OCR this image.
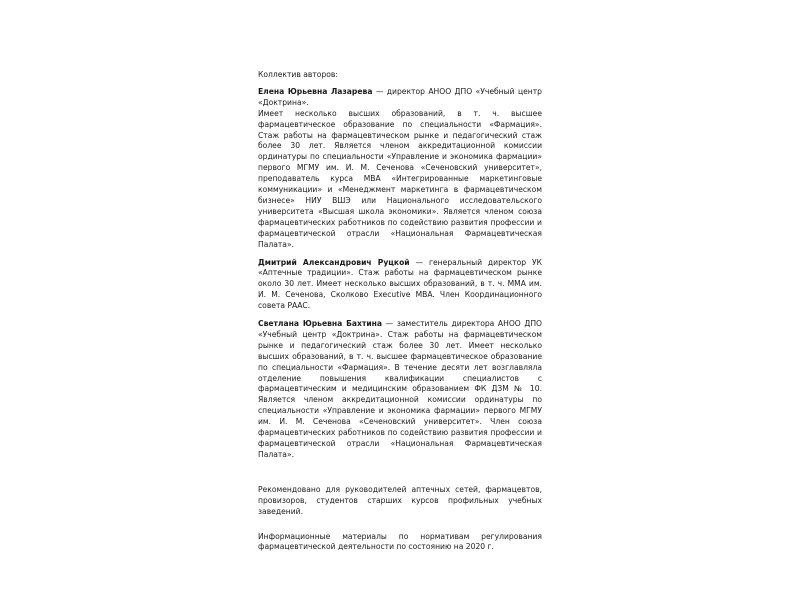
Коллектив авторов:

Елена Юрьевна Лазарева — директор АНОО ДПО «Учебный центр «Доктрина».
Имеет несколько высших образований, в т. ч. высшее фармацевтическое образование по специальности «Фармация». Стаж работы на фармацевтическом рынке и педагогический стаж более 30 лет. Является членом аккредитационной комиссии ординатуры по специальности «Управление и экономика фармации» первого МГМУ им. И. М. Сеченова «Сеченовский университет», преподаватель курса MBA «Интегрированные маркетинговые коммуникации» и «Менеджмент маркетинга в фармацевтическом бизнесе» НИУ ВШЭ или Национального исследовательского университета «Высшая школа экономики». Является членом союза фармацевтических работников по содействию развития профессии и фармацевтической отрасли «Национальная Фармацевтическая Палата».

Дмитрий Александрович Руцкой — генеральный директор УК «Аптечные традиции». Стаж работы на фармацевтическом рынке около 30 лет. Имеет несколько высших образований, в т. ч. ММА им. И. М. Сеченова, Сколково Executive MBA. Член Координационного совета РААС.

Светлана Юрьевна Бахтина — заместитель директора АНОО ДПО «Учебный центр «Доктрина». Стаж работы на фармацевтическом рынке и педагогический стаж более 30 лет. Имеет несколько высших образований, в т. ч. высшее фармацевтическое образование по специальности «Фармация». В течение десяти лет возглавляла отделение повышения квалификации специалистов с фармацевтическим и медицинским образованием ФК ДЗМ № 10. Является членом аккредитационной комиссии ординатуры по специальности «Управление и экономика фармации» первого МГМУ им. И. М. Сеченова «Сеченовский университет». Член союза фармацевтических работников по содействию развития профессии и фармацевтической отрасли «Национальная Фармацевтическая Палата».

Рекомендовано для руководителей аптечных сетей, фармацевтов, провизоров, студентов старших курсов профильных учебных заведений.

Информационные материалы по нормативам регулирования фармацевтической деятельности по состоянию на 2020 г.
